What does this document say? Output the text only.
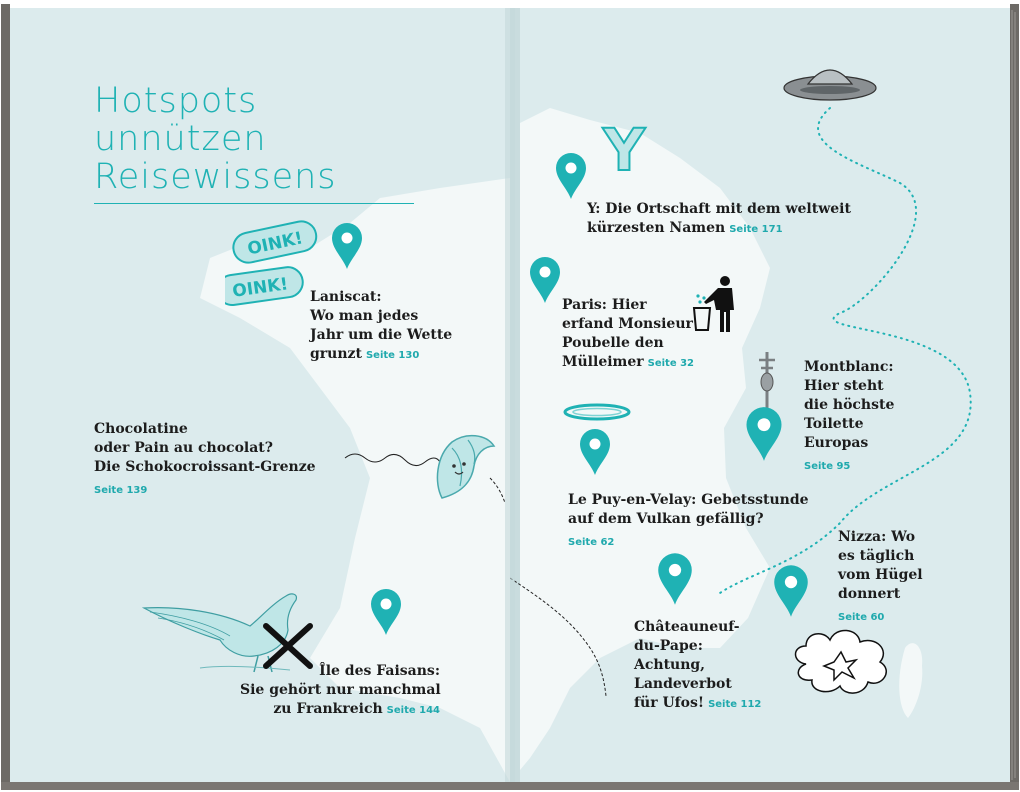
Hotspots
unnützen
Reisewissens
OINK!
OINK! Laniscat:
Wo man jedes
Jahr um die Wette
grunzt Seite 130
Chocolatine
oder Pain au chocolat?
Die Schokocroissant-Grenze
Seite 139
Île des Faisans:
Sie gehört nur manchmal
zu Frankreich Seite 144
Y
Y: Die Ortschaft mit dem weltweit
kürzesten Namen Seite 171
Paris: Hier
erfand Monsieur
Poubelle den
Mülleimer Seite 32	Montblanc:
Hier steht
die höchste
Toilette
Europas
Seite 95
Le Puy-en-Velay: Gebetsstunde
auf dem Vulkan gefällig?
Seite 62	Nizza: Wo
es täglich
vom Hügel
donnert
Seite 60
Châteauneuf-
du-Pape:
Achtung,
Landeverbot
für Ufos! Seite 112
